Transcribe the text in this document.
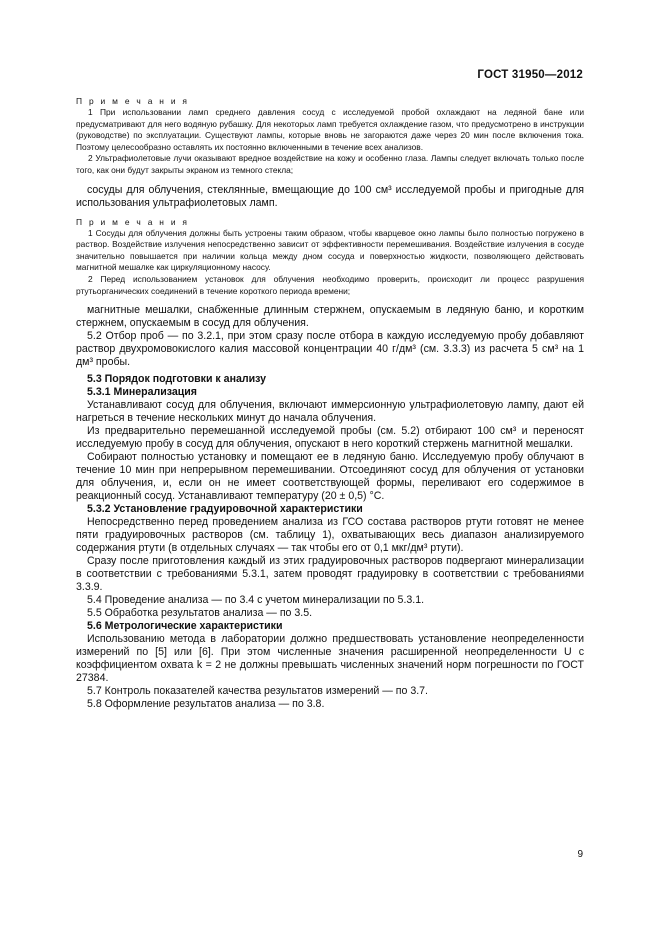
ГОСТ 31950—2012

П р и м е ч а н и я

1 При использовании ламп среднего давления сосуд с исследуемой пробой охлаждают на ледяной бане или предусматривают для него водяную рубашку. Для некоторых ламп требуется охлаждение газом, что предусмотрено в инструкции (руководстве) по эксплуатации. Существуют лампы, которые вновь не загораются даже через 20 мин после включения тока. Поэтому целесообразно оставлять их постоянно включенными в течение всех анализов.

2 Ультрафиолетовые лучи оказывают вредное воздействие на кожу и особенно глаза. Лампы следует включать только после того, как они будут закрыты экраном из темного стекла;

сосуды для облучения, стеклянные, вмещающие до 100 см³ исследуемой пробы и пригодные для использования ультрафиолетовых ламп.

П р и м е ч а н и я

1 Сосуды для облучения должны быть устроены таким образом, чтобы кварцевое окно лампы было полностью погружено в раствор. Воздействие излучения непосредственно зависит от эффективности перемешивания. Воздействие излучения в сосуде значительно повышается при наличии кольца между дном сосуда и поверхностью жидкости, позволяющего действовать магнитной мешалке как циркуляционному насосу.

2 Перед использованием установок для облучения необходимо проверить, происходит ли процесс разрушения ртутьорганических соединений в течение короткого периода времени;

магнитные мешалки, снабженные длинным стержнем, опускаемым в ледяную баню, и коротким стержнем, опускаемым в сосуд для облучения.

5.2 Отбор проб — по 3.2.1, при этом сразу после отбора в каждую исследуемую пробу добавляют раствор двухромовокислого калия массовой концентрации 40 г/дм³ (см. 3.3.3) из расчета 5 см³ на 1 дм³ пробы.

5.3 Порядок подготовки к анализу

5.3.1 Минерализация

Устанавливают сосуд для облучения, включают иммерсионную ультрафиолетовую лампу, дают ей нагреться в течение нескольких минут до начала облучения.

Из предварительно перемешанной исследуемой пробы (см. 5.2) отбирают 100 см³ и переносят исследуемую пробу в сосуд для облучения, опускают в него короткий стержень магнитной мешалки.

Собирают полностью установку и помещают ее в ледяную баню. Исследуемую пробу облучают в течение 10 мин при непрерывном перемешивании. Отсоединяют сосуд для облучения от установки для облучения, и, если он не имеет соответствующей формы, переливают его содержимое в реакционный сосуд. Устанавливают температуру (20 ± 0,5) °С.

5.3.2 Установление градуировочной характеристики

Непосредственно перед проведением анализа из ГСО состава растворов ртути готовят не менее пяти градуировочных растворов (см. таблицу 1), охватывающих весь диапазон анализируемого содержания ртути (в отдельных случаях — так чтобы его от 0,1 мкг/дм³ ртути).

Сразу после приготовления каждый из этих градуировочных растворов подвергают минерализации в соответствии с требованиями 5.3.1, затем проводят градуировку в соответствии с требованиями 3.3.9.

5.4 Проведение анализа — по 3.4 с учетом минерализации по 5.3.1.

5.5 Обработка результатов анализа — по 3.5.

5.6 Метрологические характеристики

Использованию метода в лаборатории должно предшествовать установление неопределенности измерений по [5] или [6]. При этом численные значения расширенной неопределенности U с коэффициентом охвата k = 2 не должны превышать численных значений норм погрешности по ГОСТ 27384.

5.7 Контроль показателей качества результатов измерений — по 3.7.

5.8 Оформление результатов анализа — по 3.8.

9
